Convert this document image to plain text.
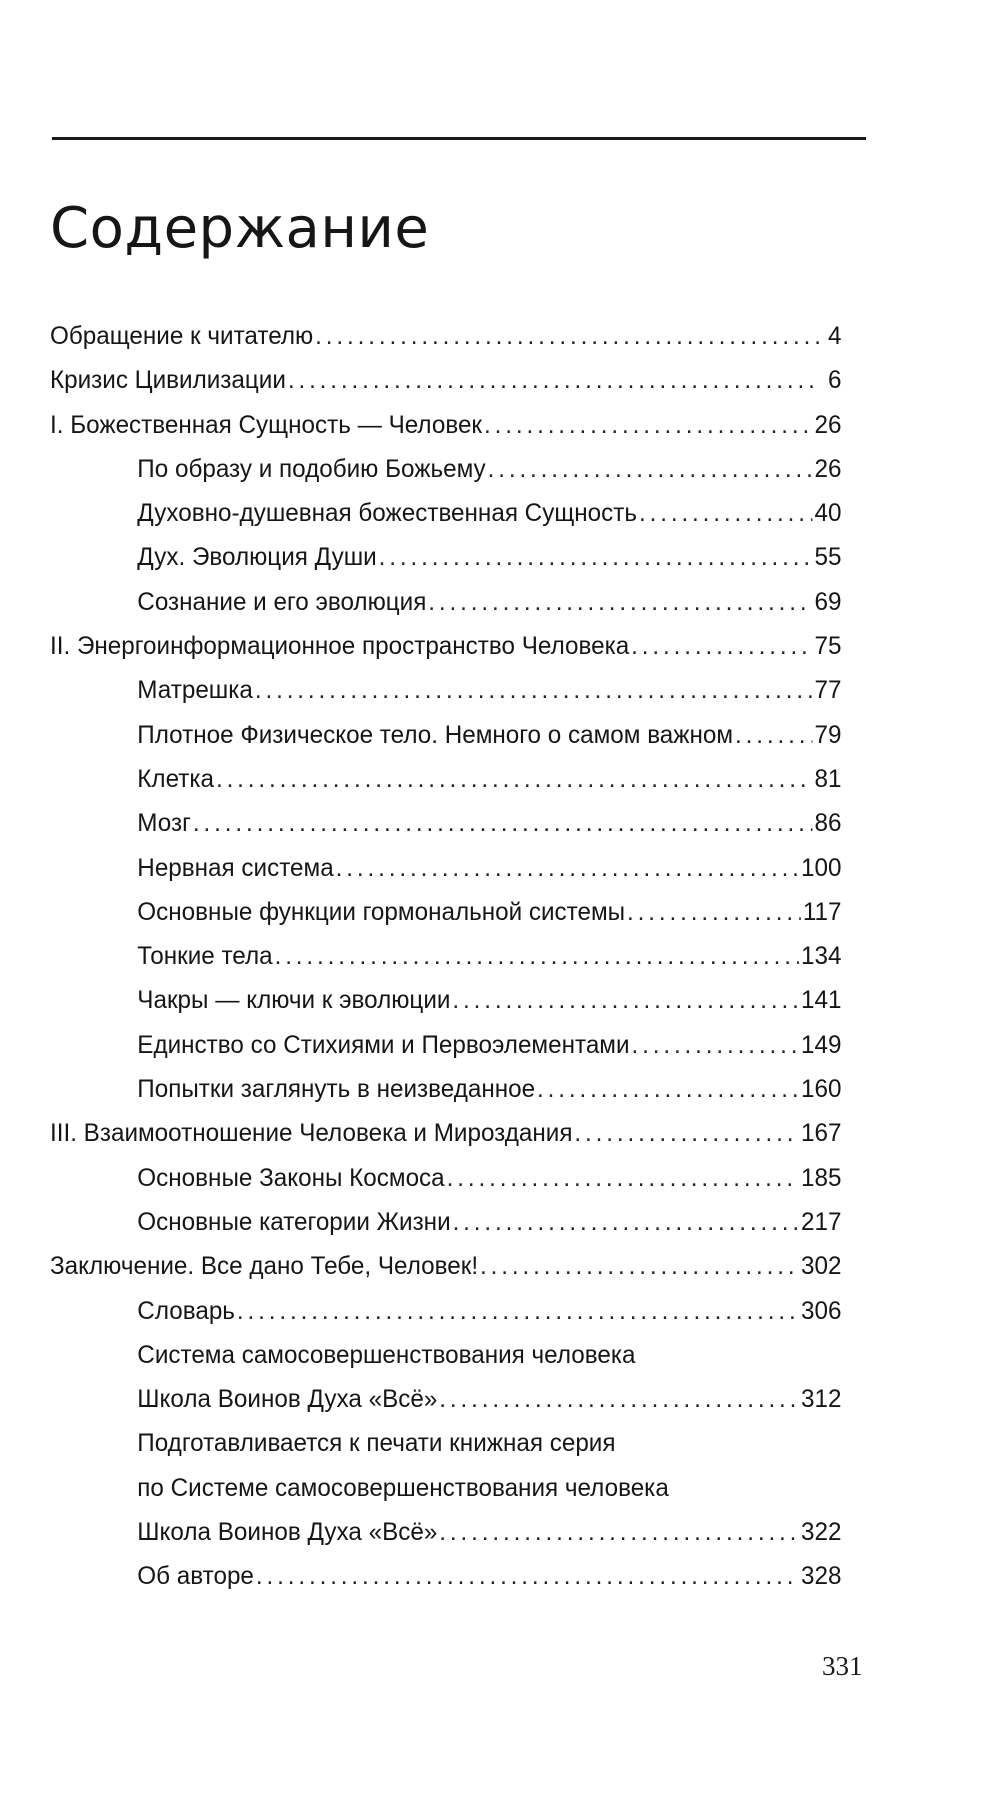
Содержание
Обращение к читателю .....	4
Кризис Цивилизации .....	6
I. Божественная Сущность — Человек .....	26
По образу и подобию Божьему .....	26
Духовно-душевная божественная Сущность .....	40
Дух. Эволюция Души .....	55
Сознание и его эволюция .....	69
II. Энергоинформационное пространство Человека .....	75
Матрешка .....	77
Плотное Физическое тело. Немного о самом важном .....	79
Клетка .....	81
Мозг .....	86
Нервная система .....	100
Основные функции гормональной системы .....	117
Тонкие тела .....	134
Чакры — ключи к эволюции .....	141
Единство со Стихиями и Первоэлементами .....	149
Попытки заглянуть в неизведанное .....	160
III. Взаимоотношение Человека и Мироздания .....	167
Основные Законы Космоса .....	185
Основные категории Жизни .....	217
Заключение. Все дано Тебе, Человек! .....	302
Словарь .....	306
Система самосовершенствования человека
Школа Воинов Духа «Всё» .....	312
Подготавливается к печати книжная серия
по Системе самосовершенствования человека
Школа Воинов Духа «Всё» .....	322
Об авторе .....	328
331
